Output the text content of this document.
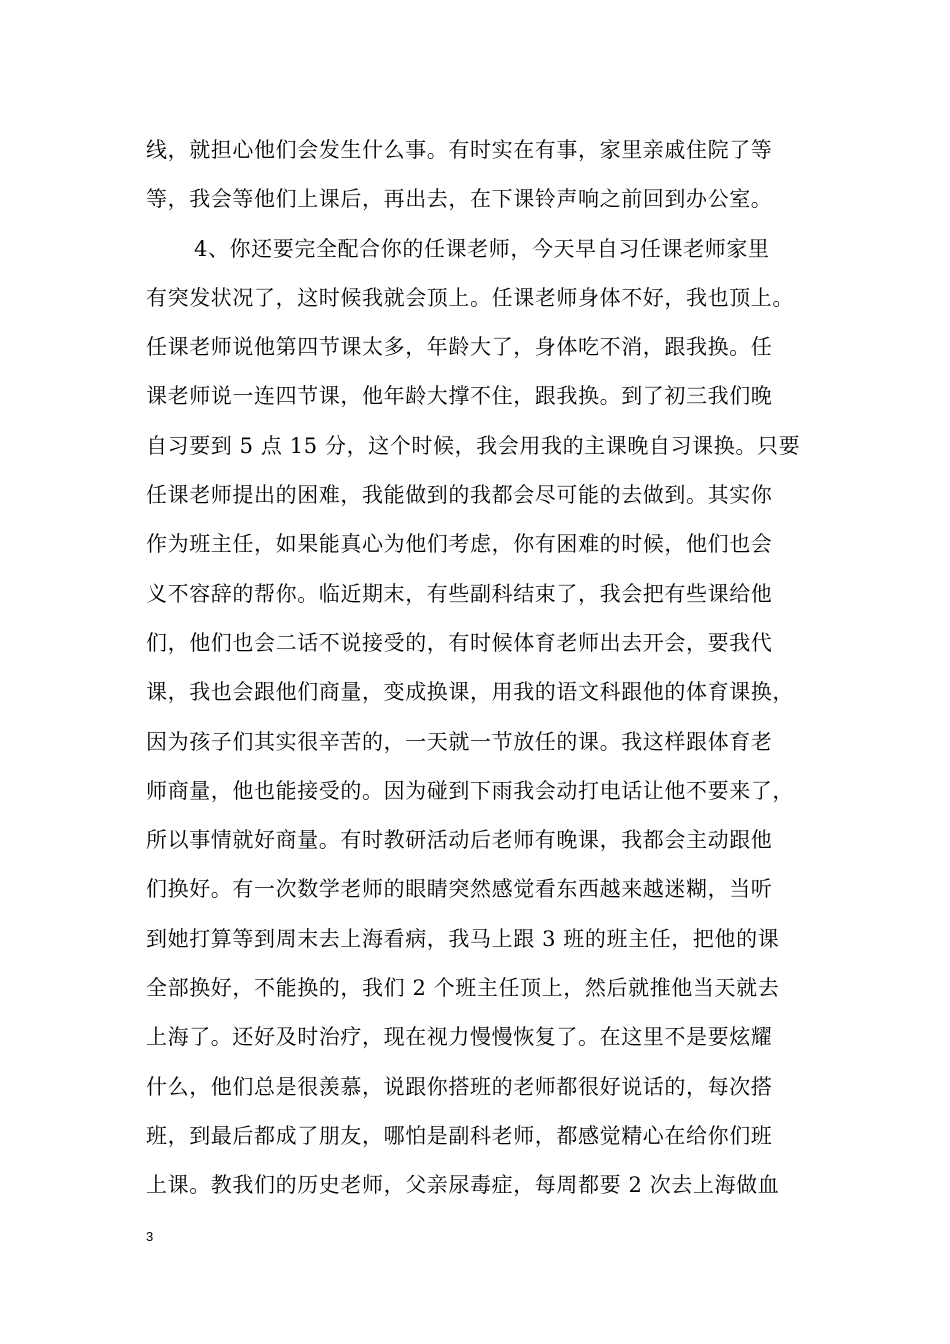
线，就担心他们会发生什么事。有时实在有事，家里亲戚住院了等
等，我会等他们上课后，再出去，在下课铃声响之前回到办公室。
4、你还要完全配合你的任课老师，今天早自习任课老师家里
有突发状况了，这时候我就会顶上。任课老师身体不好，我也顶上。
任课老师说他第四节课太多，年龄大了，身体吃不消，跟我换。任
课老师说一连四节课，他年龄大撑不住，跟我换。到了初三我们晚
自习要到 5 点 15 分，这个时候，我会用我的主课晚自习课换。只要
任课老师提出的困难，我能做到的我都会尽可能的去做到。其实你
作为班主任，如果能真心为他们考虑，你有困难的时候，他们也会
义不容辞的帮你。临近期末，有些副科结束了，我会把有些课给他
们，他们也会二话不说接受的，有时候体育老师出去开会，要我代
课，我也会跟他们商量，变成换课，用我的语文科跟他的体育课换，
因为孩子们其实很辛苦的，一天就一节放任的课。我这样跟体育老
师商量，他也能接受的。因为碰到下雨我会动打电话让他不要来了，
所以事情就好商量。有时教研活动后老师有晚课，我都会主动跟他
们换好。有一次数学老师的眼睛突然感觉看东西越来越迷糊，当听
到她打算等到周末去上海看病，我马上跟 3 班的班主任，把他的课
全部换好，不能换的，我们 2 个班主任顶上，然后就推他当天就去
上海了。还好及时治疗，现在视力慢慢恢复了。在这里不是要炫耀
什么，他们总是很羡慕，说跟你搭班的老师都很好说话的，每次搭
班，到最后都成了朋友，哪怕是副科老师，都感觉精心在给你们班
上课。教我们的历史老师，父亲尿毒症，每周都要 2 次去上海做血
3
